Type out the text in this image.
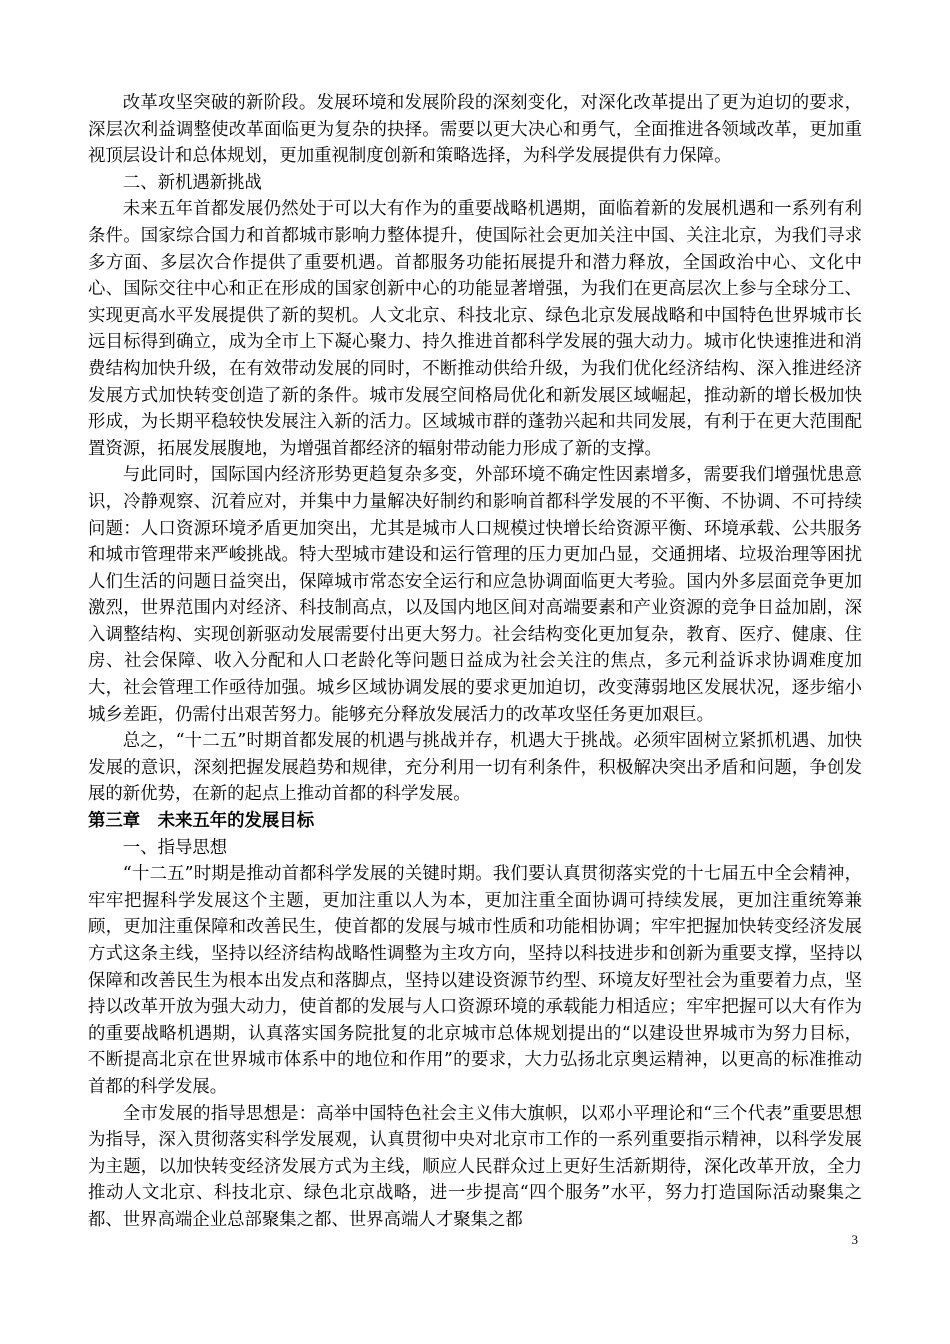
改革攻坚突破的新阶段。发展环境和发展阶段的深刻变化，对深化改革提出了更为迫切的要求，深层次利益调整使改革面临更为复杂的抉择。需要以更大决心和勇气，全面推进各领域改革，更加重视顶层设计和总体规划，更加重视制度创新和策略选择，为科学发展提供有力保障。

二、新机遇新挑战

未来五年首都发展仍然处于可以大有作为的重要战略机遇期，面临着新的发展机遇和一系列有利条件。国家综合国力和首都城市影响力整体提升，使国际社会更加关注中国、关注北京，为我们寻求多方面、多层次合作提供了重要机遇。首都服务功能拓展提升和潜力释放，全国政治中心、文化中心、国际交往中心和正在形成的国家创新中心的功能显著增强，为我们在更高层次上参与全球分工、实现更高水平发展提供了新的契机。人文北京、科技北京、绿色北京发展战略和中国特色世界城市长远目标得到确立，成为全市上下凝心聚力、持久推进首都科学发展的强大动力。城市化快速推进和消费结构加快升级，在有效带动发展的同时，不断推动供给升级，为我们优化经济结构、深入推进经济发展方式加快转变创造了新的条件。城市发展空间格局优化和新发展区域崛起，推动新的增长极加快形成，为长期平稳较快发展注入新的活力。区域城市群的蓬勃兴起和共同发展，有利于在更大范围配置资源，拓展发展腹地，为增强首都经济的辐射带动能力形成了新的支撑。

与此同时，国际国内经济形势更趋复杂多变，外部环境不确定性因素增多，需要我们增强忧患意识，冷静观察、沉着应对，并集中力量解决好制约和影响首都科学发展的不平衡、不协调、不可持续问题：人口资源环境矛盾更加突出，尤其是城市人口规模过快增长给资源平衡、环境承载、公共服务和城市管理带来严峻挑战。特大型城市建设和运行管理的压力更加凸显，交通拥堵、垃圾治理等困扰人们生活的问题日益突出，保障城市常态安全运行和应急协调面临更大考验。国内外多层面竞争更加激烈，世界范围内对经济、科技制高点，以及国内地区间对高端要素和产业资源的竞争日益加剧，深入调整结构、实现创新驱动发展需要付出更大努力。社会结构变化更加复杂，教育、医疗、健康、住房、社会保障、收入分配和人口老龄化等问题日益成为社会关注的焦点，多元利益诉求协调难度加大，社会管理工作亟待加强。城乡区域协调发展的要求更加迫切，改变薄弱地区发展状况，逐步缩小城乡差距，仍需付出艰苦努力。能够充分释放发展活力的改革攻坚任务更加艰巨。

总之，“十二五”时期首都发展的机遇与挑战并存，机遇大于挑战。必须牢固树立紧抓机遇、加快发展的意识，深刻把握发展趋势和规律，充分利用一切有利条件，积极解决突出矛盾和问题，争创发展的新优势，在新的起点上推动首都的科学发展。

第三章　未来五年的发展目标

一、指导思想

“十二五”时期是推动首都科学发展的关键时期。我们要认真贯彻落实党的十七届五中全会精神，牢牢把握科学发展这个主题，更加注重以人为本，更加注重全面协调可持续发展，更加注重统筹兼顾，更加注重保障和改善民生，使首都的发展与城市性质和功能相协调；牢牢把握加快转变经济发展方式这条主线，坚持以经济结构战略性调整为主攻方向，坚持以科技进步和创新为重要支撑，坚持以保障和改善民生为根本出发点和落脚点，坚持以建设资源节约型、环境友好型社会为重要着力点，坚持以改革开放为强大动力，使首都的发展与人口资源环境的承载能力相适应；牢牢把握可以大有作为的重要战略机遇期，认真落实国务院批复的北京城市总体规划提出的“以建设世界城市为努力目标，不断提高北京在世界城市体系中的地位和作用”的要求，大力弘扬北京奥运精神，以更高的标准推动首都的科学发展。

全市发展的指导思想是：高举中国特色社会主义伟大旗帜，以邓小平理论和“三个代表”重要思想为指导，深入贯彻落实科学发展观，认真贯彻中央对北京市工作的一系列重要指示精神，以科学发展为主题，以加快转变经济发展方式为主线，顺应人民群众过上更好生活新期待，深化改革开放，全力推动人文北京、科技北京、绿色北京战略，进一步提高“四个服务”水平，努力打造国际活动聚集之都、世界高端企业总部聚集之都、世界高端人才聚集之都

3
